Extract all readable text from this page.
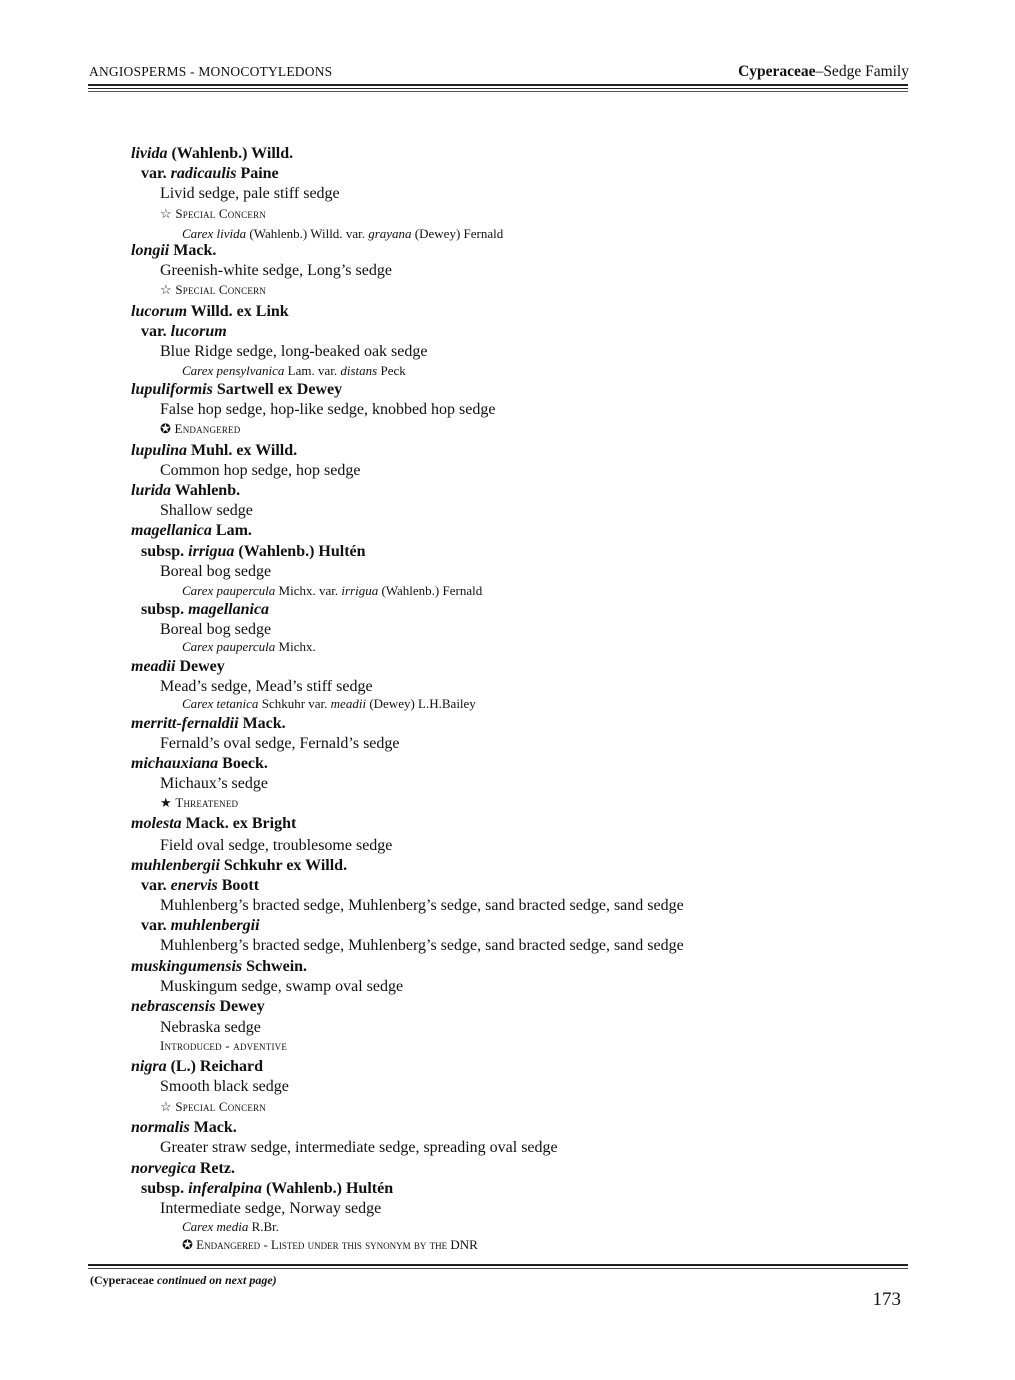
ANGIOSPERMS - MONOCOTYLEDONS	Cyperaceae–Sedge Family
livida (Wahlenb.) Willd.
var. radicaulis Paine
Livid sedge, pale stiff sedge
☆ Special Concern
Carex livida (Wahlenb.) Willd. var. grayana (Dewey) Fernald
longii Mack.
Greenish-white sedge, Long’s sedge
☆ Special Concern
lucorum Willd. ex Link
var. lucorum
Blue Ridge sedge, long-beaked oak sedge
Carex pensylvanica Lam. var. distans Peck
lupuliformis Sartwell ex Dewey
False hop sedge, hop-like sedge, knobbed hop sedge
✪ Endangered
lupulina Muhl. ex Willd.
Common hop sedge, hop sedge
lurida Wahlenb.
Shallow sedge
magellanica Lam.
subsp. irrigua (Wahlenb.) Hultén
Boreal bog sedge
Carex paupercula Michx. var. irrigua (Wahlenb.) Fernald
subsp. magellanica
Boreal bog sedge
Carex paupercula Michx.
meadii Dewey
Mead’s sedge, Mead’s stiff sedge
Carex tetanica Schkuhr var. meadii (Dewey) L.H.Bailey
merritt-fernaldii Mack.
Fernald’s oval sedge, Fernald’s sedge
michauxiana Boeck.
Michaux’s sedge
★ Threatened
molesta Mack. ex Bright
Field oval sedge, troublesome sedge
muhlenbergii Schkuhr ex Willd.
var. enervis Boott
Muhlenberg’s bracted sedge, Muhlenberg’s sedge, sand bracted sedge, sand sedge
var. muhlenbergii
Muhlenberg’s bracted sedge, Muhlenberg’s sedge, sand bracted sedge, sand sedge
muskingumensis Schwein.
Muskingum sedge, swamp oval sedge
nebrascensis Dewey
Nebraska sedge
Introduced - adventive
nigra (L.) Reichard
Smooth black sedge
☆ Special Concern
normalis Mack.
Greater straw sedge, intermediate sedge, spreading oval sedge
norvegica Retz.
subsp. inferalpina (Wahlenb.) Hultén
Intermediate sedge, Norway sedge
Carex media R.Br.
✪ Endangered - Listed under this synonym by the DNR
(Cyperaceae continued on next page)
173
